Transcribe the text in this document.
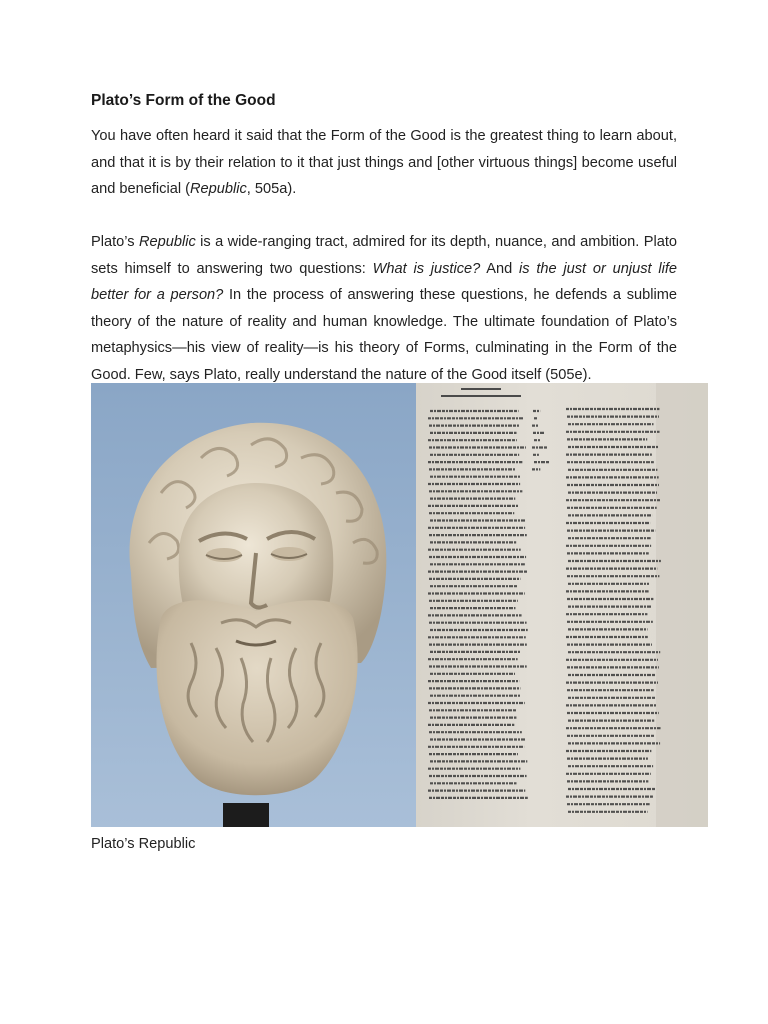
Plato’s Form of the Good

You have often heard it said that the Form of the Good is the greatest thing to learn about, and that it is by their relation to it that just things and [other virtuous things] become useful and beneficial (Republic, 505a).

Plato’s Republic is a wide-ranging tract, admired for its depth, nuance, and ambition. Plato sets himself to answering two questions: What is justice? And is the just or unjust life better for a person? In the process of answering these questions, he defends a sublime theory of the nature of reality and human knowledge. The ultimate foundation of Plato’s metaphysics—his view of reality—is his theory of Forms, culminating in the Form of the Good. Few, says Plato, really understand the nature of the Good itself (505e).

Plato’s Republic
